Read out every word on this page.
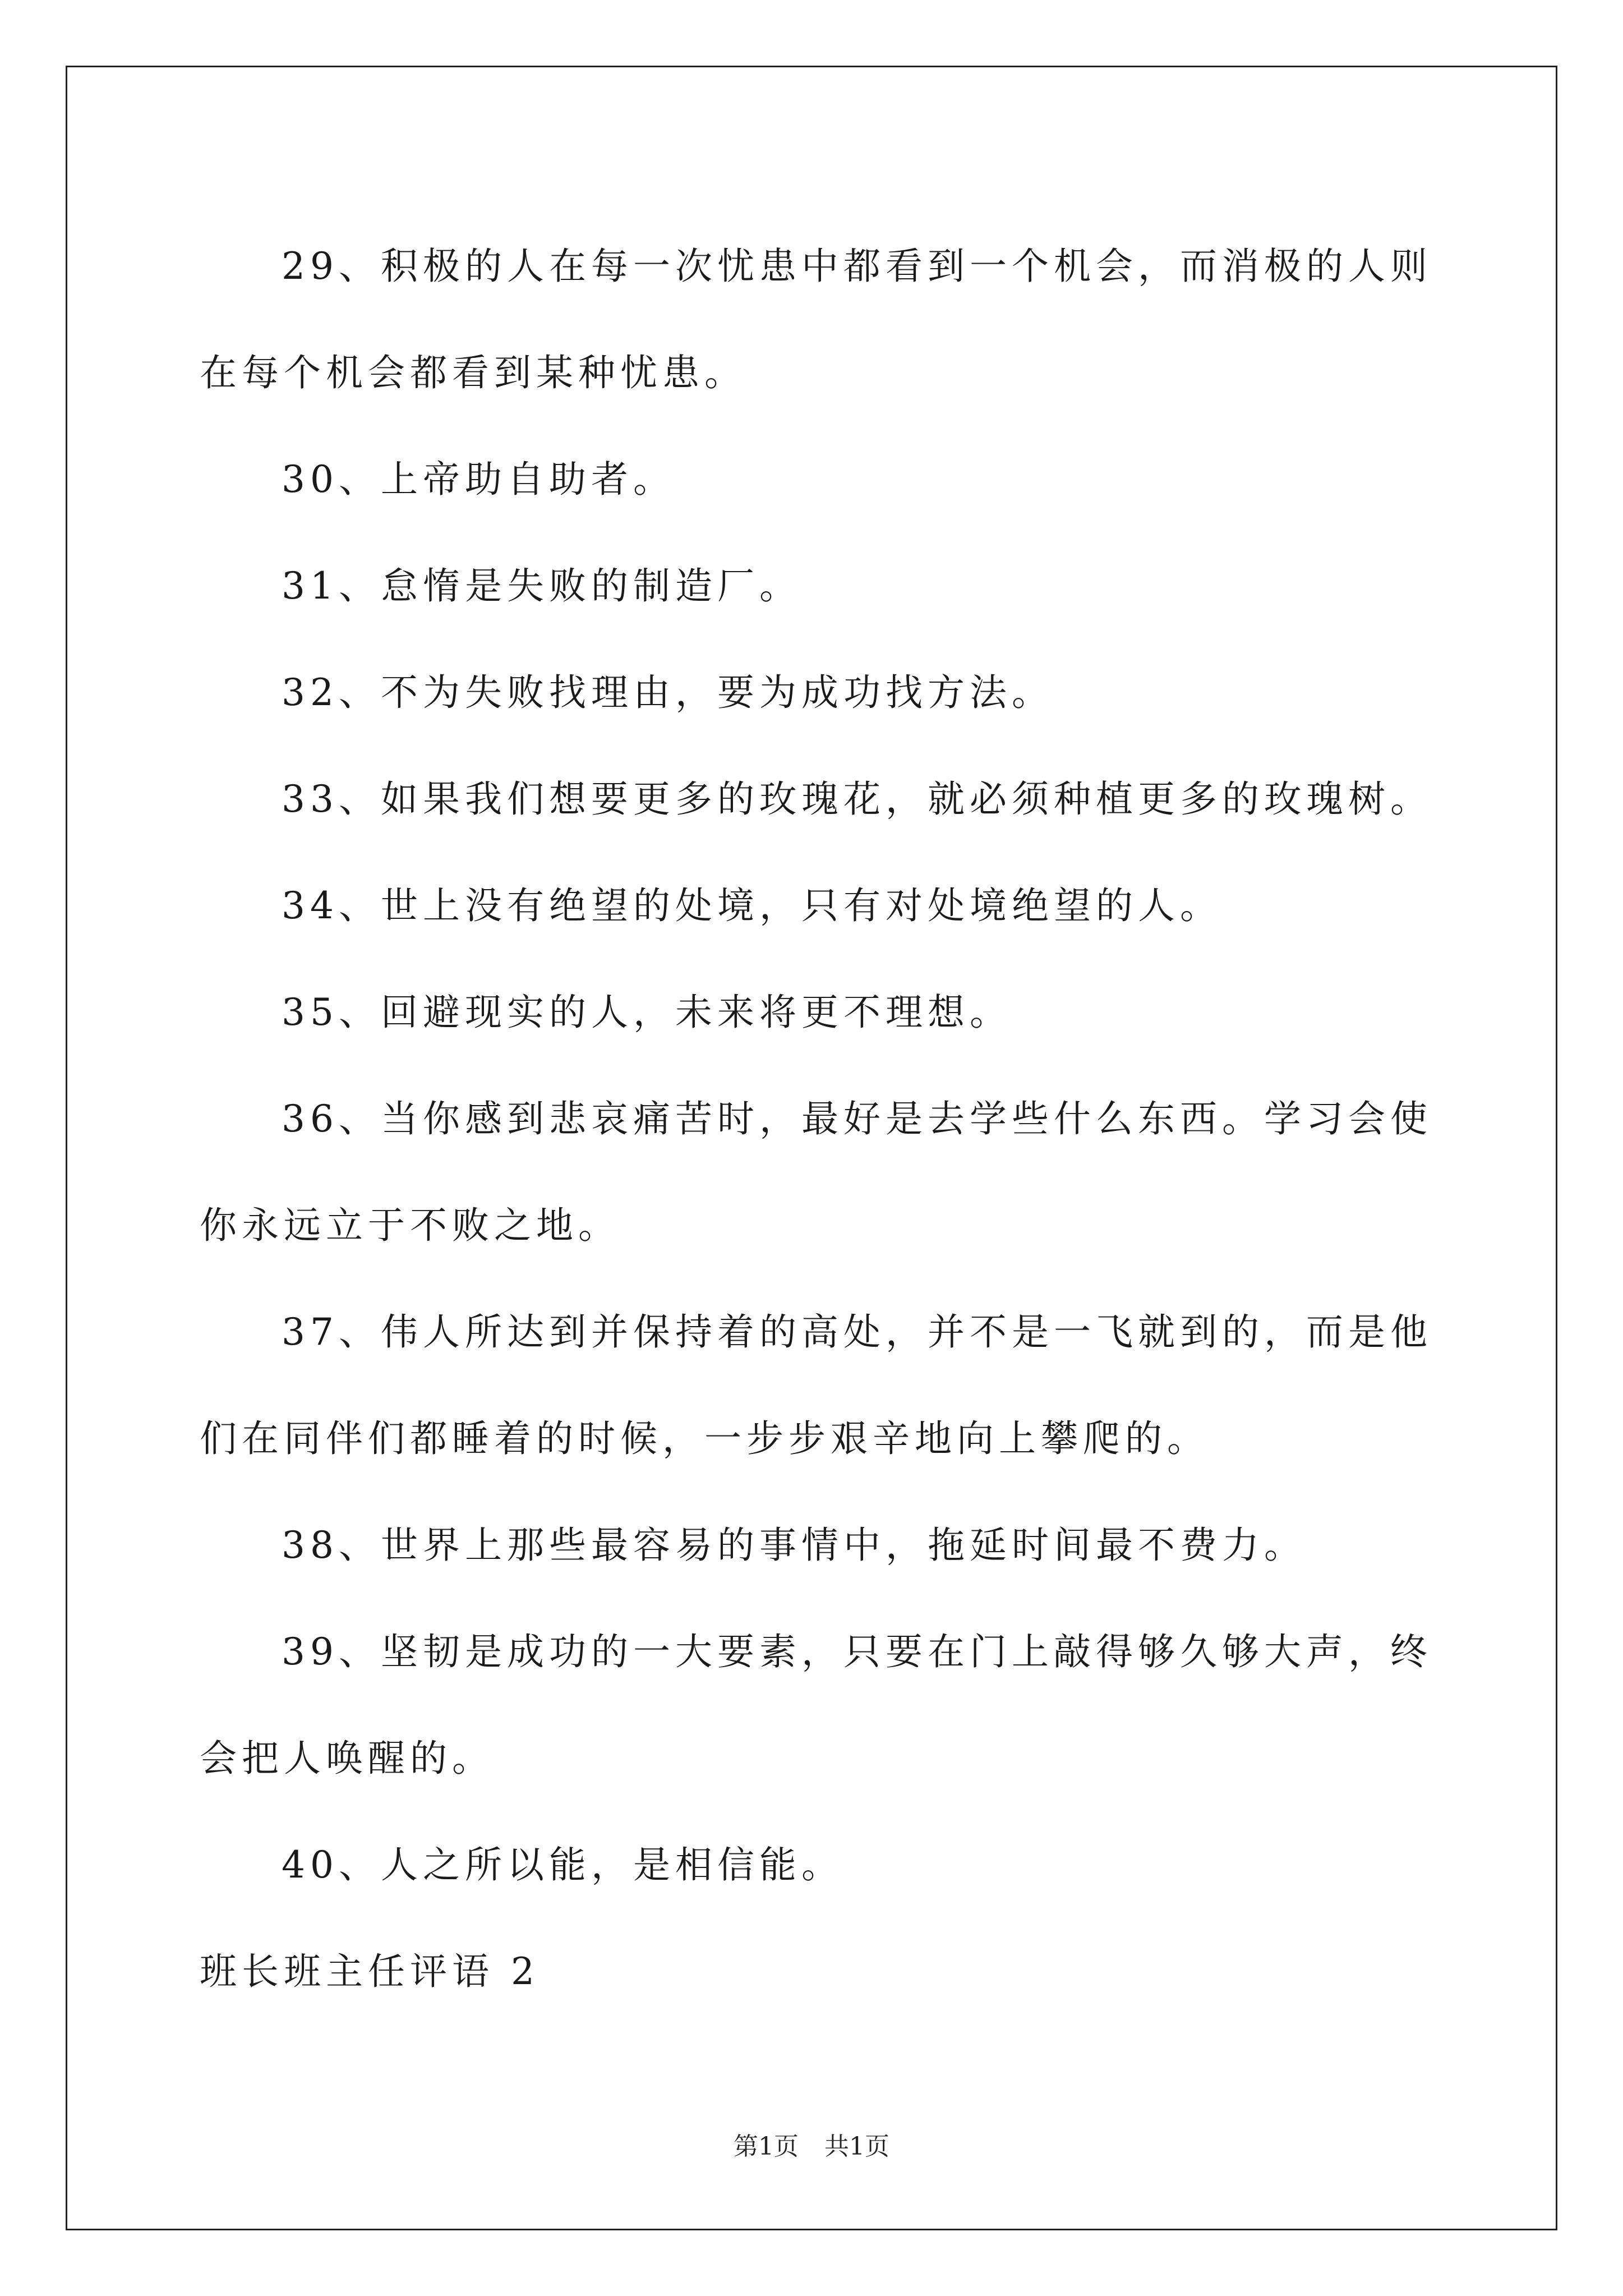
29、积极的人在每一次忧患中都看到一个机会，而消极的人则在每个机会都看到某种忧患。

30、上帝助自助者。

31、怠惰是失败的制造厂。

32、不为失败找理由，要为成功找方法。

33、如果我们想要更多的玫瑰花，就必须种植更多的玫瑰树。

34、世上没有绝望的处境，只有对处境绝望的人。

35、回避现实的人，未来将更不理想。

36、当你感到悲哀痛苦时，最好是去学些什么东西。学习会使你永远立于不败之地。

37、伟人所达到并保持着的高处，并不是一飞就到的，而是他们在同伴们都睡着的时候，一步步艰辛地向上攀爬的。

38、世界上那些最容易的事情中，拖延时间最不费力。

39、坚韧是成功的一大要素，只要在门上敲得够久够大声，终会把人唤醒的。

40、人之所以能，是相信能。

班长班主任评语 2

第1页 共1页
